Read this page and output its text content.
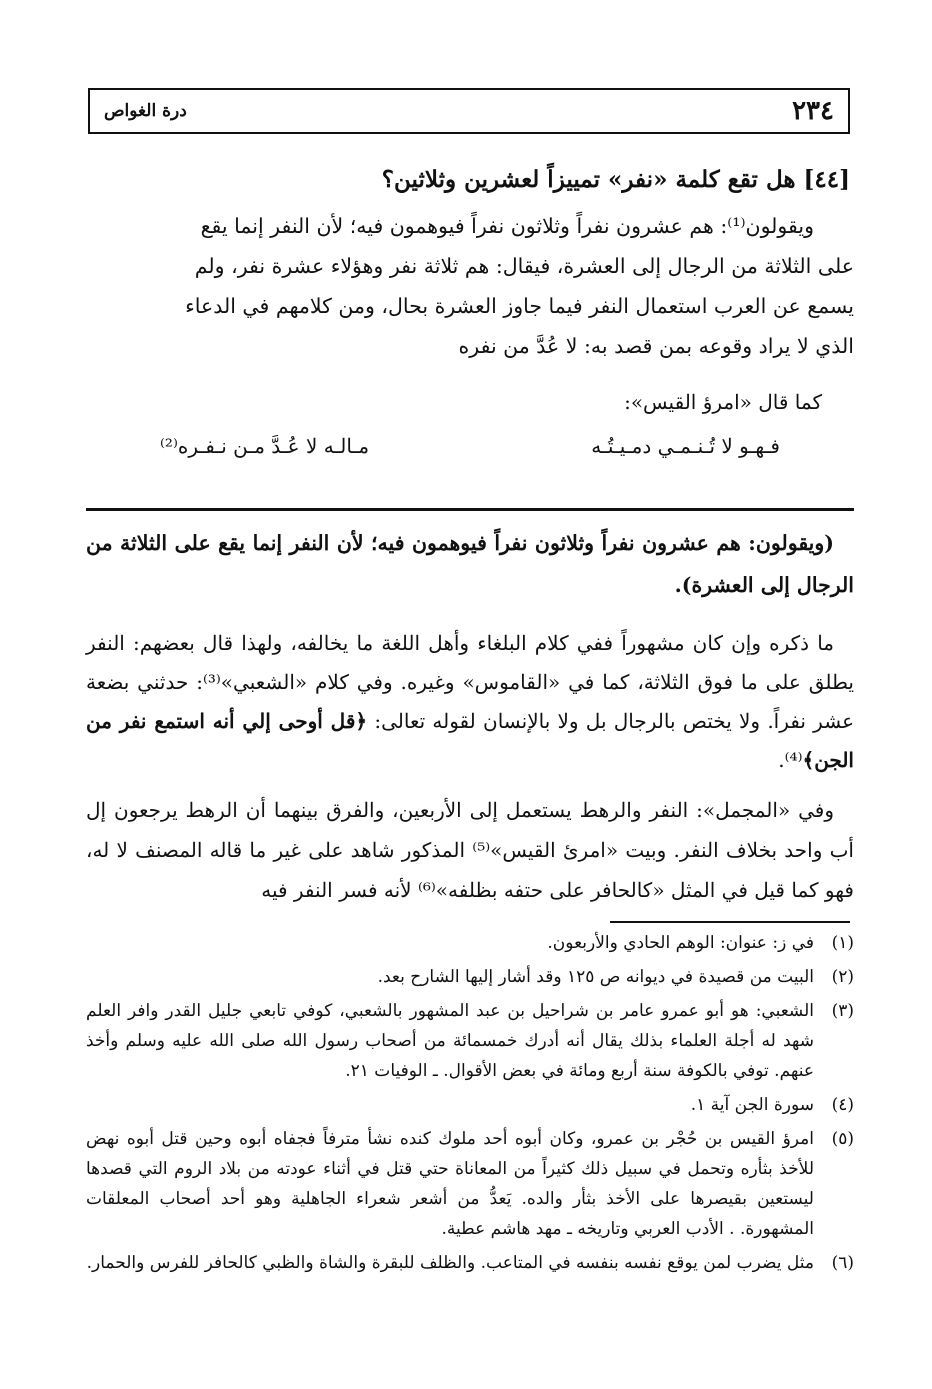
٢٣٤
درة الغواص
[٤٤] هل تقع كلمة «نفر» تمييزاً لعشرين وثلاثين؟
ويقولون⁽¹⁾: هم عشرون نفراً وثلاثون نفراً فيوهمون فيه؛ لأن النفر إنما يقع
على الثلاثة من الرجال إلى العشرة، فيقال: هم ثلاثة نفر وهؤلاء عشرة نفر، ولم
يسمع عن العرب استعمال النفر فيما جاوز العشرة بحال، ومن كلامهم في الدعاء
الذي لا يراد وقوعه بمن قصد به: لا عُدَّ من نفره
كما قال «امرؤ القيس»:
فـهـو لا تُـنـمـي دمـيـتُـه
مـالـه لا عُـدَّ مـن نـفـره⁽²⁾
(ويقولون: هم عشرون نفراً وثلاثون نفراً فيوهمون فيه؛ لأن النفر إنما يقع على الثلاثة من الرجال إلى العشرة).
ما ذكره وإن كان مشهوراً ففي كلام البلغاء وأهل اللغة ما يخالفه، ولهذا قال بعضهم: النفر يطلق على ما فوق الثلاثة، كما في «القاموس» وغيره. وفي كلام «الشعبي»⁽³⁾: حدثني بضعة عشر نفراً. ولا يختص بالرجال بل ولا بالإنسان لقوله تعالى: ﴿قل أوحى إلي أنه استمع نفر من الجن﴾⁽⁴⁾.
وفي «المجمل»: النفر والرهط يستعمل إلى الأربعين، والفرق بينهما أن الرهط يرجعون إل أب واحد بخلاف النفر. وبيت «امرئ القيس»⁽⁵⁾ المذكور شاهد على غير ما قاله المصنف لا له، فهو كما قيل في المثل «كالحافر على حتفه بظلفه»⁽⁶⁾ لأنه فسر النفر فيه
(١)
في ز: عنوان: الوهم الحادي والأربعون.
(٢)
البيت من قصيدة في ديوانه ص ١٢٥ وقد أشار إليها الشارح بعد.
(٣)
الشعبي: هو أبو عمرو عامر بن شراحيل بن عبد المشهور بالشعبي، كوفي تابعي جليل القدر وافر العلم شهد له أجلة العلماء بذلك يقال أنه أدرك خمسمائة من أصحاب رسول الله صلى الله عليه وسلم وأخذ عنهم. توفي بالكوفة سنة أربع ومائة في بعض الأقوال. ـ الوفيات ٢١.
(٤)
سورة الجن آية ١.
(٥)
امرؤ القيس بن حُجْر بن عمرو، وكان أبوه أحد ملوك كنده نشأ مترفاً فجفاه أبوه وحين قتل أبوه نهض للأخذ بثأره وتحمل في سبيل ذلك كثيراً من المعاناة حتي قتل في أثناء عودته من بلاد الروم التي قصدها ليستعين بقيصرها على الأخذ بثأر والده. يَعدُّ من أشعر شعراء الجاهلية وهو أحد أصحاب المعلقات المشهورة. . الأدب العربي وتاريخه ـ مهد هاشم عطية.
(٦)
مثل يضرب لمن يوقع نفسه بنفسه في المتاعب. والظلف للبقرة والشاة والظبي كالحافر للفرس والحمار.
